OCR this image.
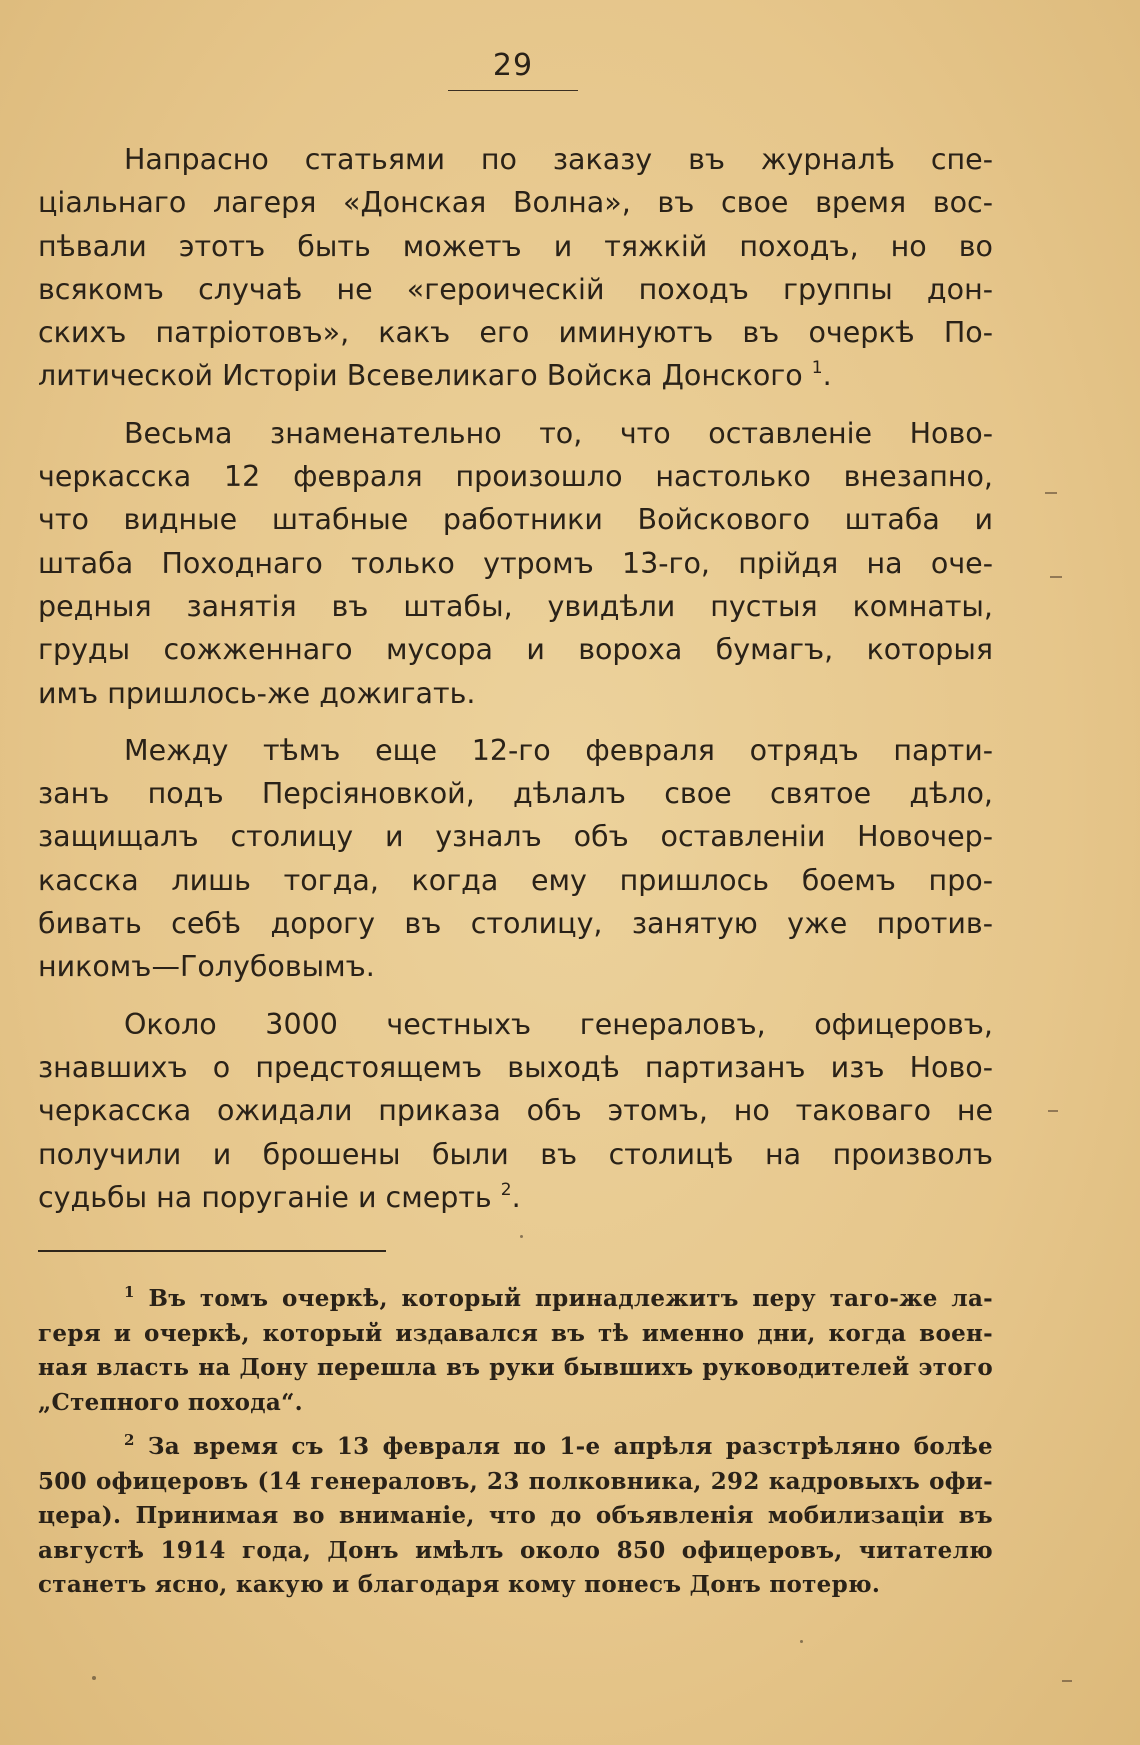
29

Напрасно статьями по заказу въ журналѣ спе-
ціальнаго лагеря «Донская Волна», въ свое время вос-
пѣвали этотъ быть можетъ и тяжкій походъ, но во
всякомъ случаѣ не «героическій походъ группы дон-
скихъ патріотовъ», какъ его иминуютъ въ очеркѣ По-
литической Исторіи Всевеликаго Войска Донского $^1$.

Весьма знаменательно то, что оставленіе Ново-
черкасска 12 февраля произошло настолько внезапно,
что видные штабные работники Войскового штаба и
штаба Походнаго только утромъ 13-го, прійдя на оче-
редныя занятія въ штабы, увидѣли пустыя комнаты,
груды сожженнаго мусора и вороха бумагъ, которыя
имъ пришлось-же дожигать.

Между тѣмъ еще 12-го февраля отрядъ парти-
занъ подъ Персіяновкой, дѣлалъ свое святое дѣло,
защищалъ столицу и узналъ объ оставленіи Новочер-
касска лишь тогда, когда ему пришлось боемъ про-
бивать себѣ дорогу въ столицу, занятую уже против-
никомъ—Голубовымъ.

Около 3000 честныхъ генераловъ, офицеровъ,
знавшихъ о предстоящемъ выходѣ партизанъ изъ Ново-
черкасска ожидали приказа объ этомъ, но таковаго не
получили и брошены были въ столицѣ на произволъ
судьбы на поруганіе и смерть $^2$.

$^1$ Въ томъ очеркѣ, который принадлежитъ перу таго-же ла-
геря и очеркѣ, который издавался въ тѣ именно дни, когда воен-
ная власть на Дону перешла въ руки бывшихъ руководителей этого
„Степного похода“.
$^2$ За время съ 13 февраля по 1-е апрѣля разстрѣляно болѣе
500 офицеровъ (14 генераловъ, 23 полковника, 292 кадровыхъ офи-
цера). Принимая во вниманіе, что до объявленія мобилизаціи въ
августѣ 1914 года, Донъ имѣлъ около 850 офицеровъ, читателю
станетъ ясно, какую и благодаря кому понесъ Донъ потерю.
